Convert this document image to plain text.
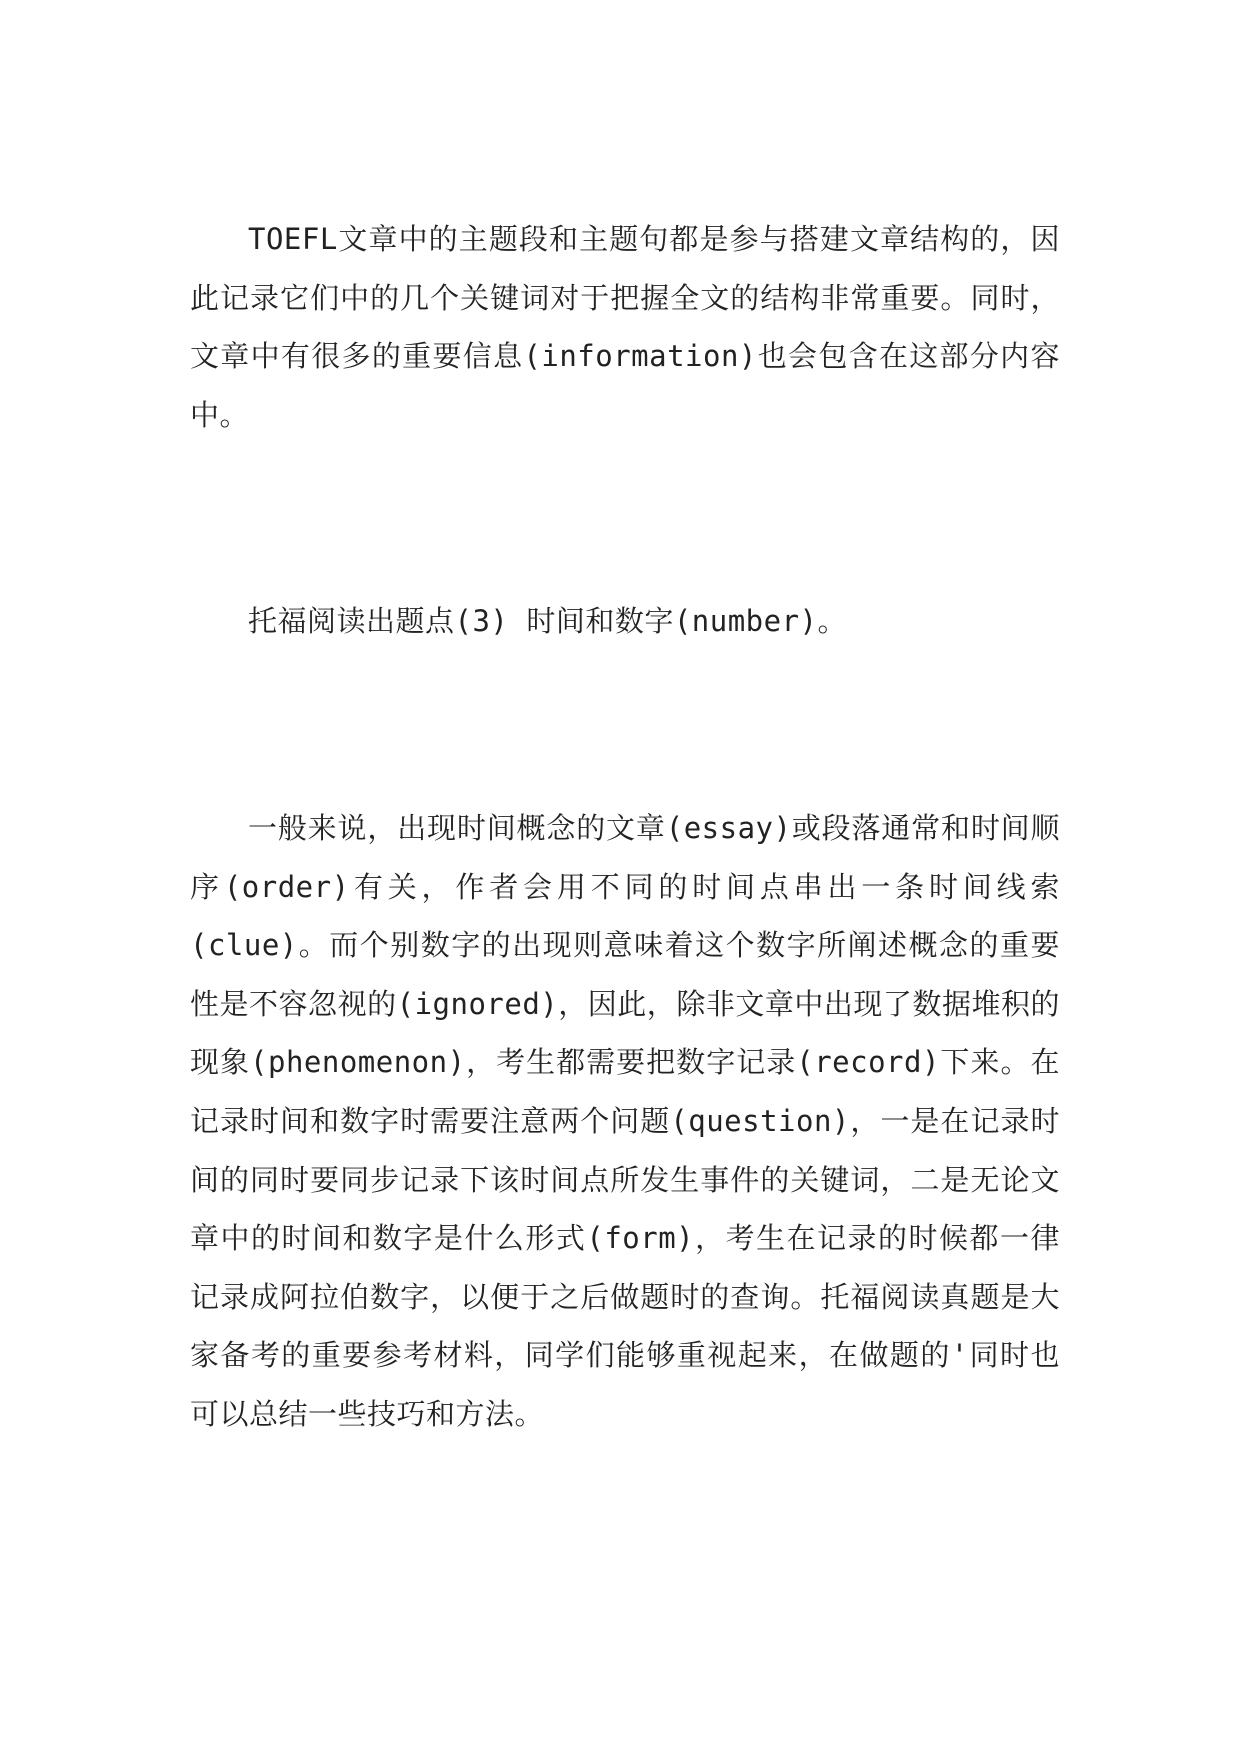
TOEFL文章中的主题段和主题句都是参与搭建文章结构的，因此记录它们中的几个关键词对于把握全文的结构非常重要。同时，文章中有很多的重要信息(information)也会包含在这部分内容中。

托福阅读出题点(3) 时间和数字(number)。

一般来说，出现时间概念的文章(essay)或段落通常和时间顺序(order)有关，作者会用不同的时间点串出一条时间线索(clue)。而个别数字的出现则意味着这个数字所阐述概念的重要性是不容忽视的(ignored)，因此，除非文章中出现了数据堆积的现象(phenomenon)，考生都需要把数字记录(record)下来。在记录时间和数字时需要注意两个问题(question)，一是在记录时间的同时要同步记录下该时间点所发生事件的关键词，二是无论文章中的时间和数字是什么形式(form)，考生在记录的时候都一律记录成阿拉伯数字，以便于之后做题时的查询。托福阅读真题是大家备考的重要参考材料，同学们能够重视起来，在做题的'同时也可以总结一些技巧和方法。
